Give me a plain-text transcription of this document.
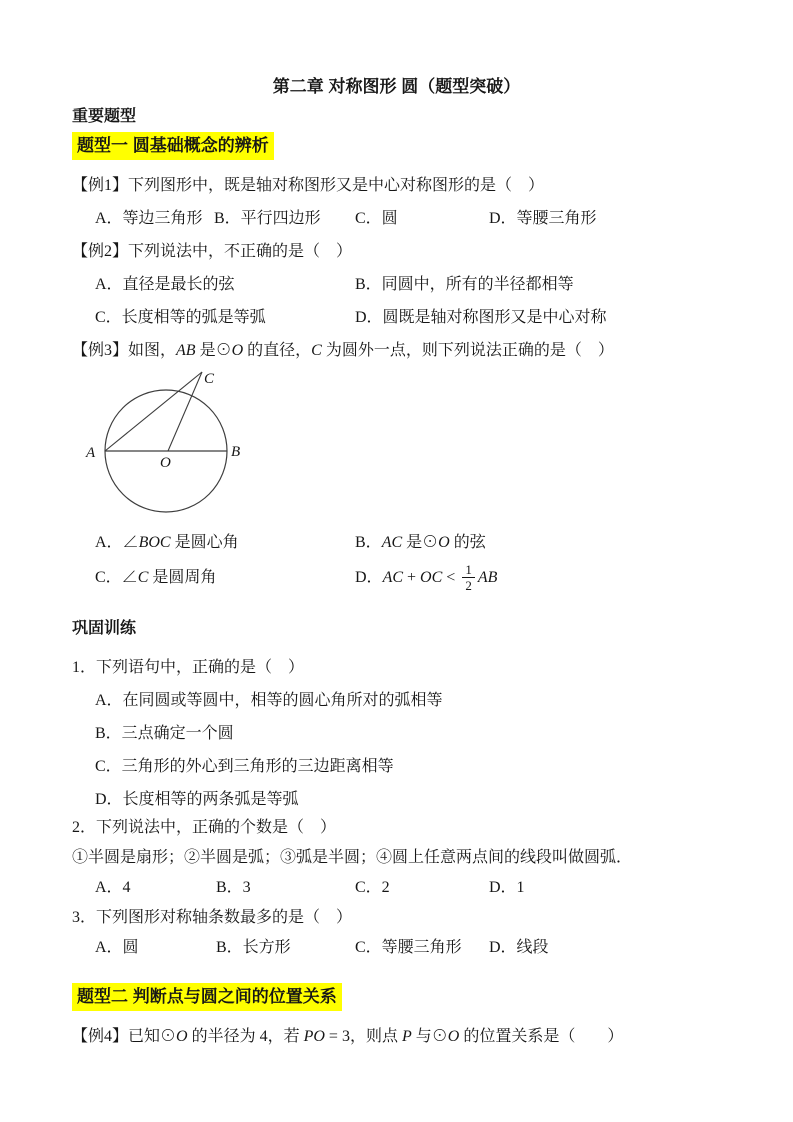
第二章 对称图形 圆（题型突破）
重要题型
题型一 圆基础概念的辨析
【例1】下列图形中，既是轴对称图形又是中心对称图形的是（　）
A．等边三角形 B．平行四边形 C．圆	D．等腰三角形
【例2】下列说法中，不正确的是（　）
A．直径是最长的弦	B．同圆中，所有的半径都相等
C．长度相等的弧是等弧	D．圆既是轴对称图形又是中心对称
【例3】如图，AB 是⊙O 的直径，C 为圆外一点，则下列说法正确的是（　）
A	B
O
C
A．∠BOC 是圆心角	B．AC 是⊙O 的弦
C．∠C 是圆周角	D．AC + OC < $\frac{1}{2}$ AB
巩固训练
1．下列语句中，正确的是（　）
A．在同圆或等圆中，相等的圆心角所对的弧相等
B．三点确定一个圆
C．三角形的外心到三角形的三边距离相等
D．长度相等的两条弧是等弧
2．下列说法中，正确的个数是（　）
①半圆是扇形；②半圆是弧；③弧是半圆；④圆上任意两点间的线段叫做圆弧．
A．4	B．3	C．2	D．1
3．下列图形对称轴条数最多的是（　）
A．圆	B．长方形	C．等腰三角形 D．线段
题型二 判断点与圆之间的位置关系
【例4】已知⊙O 的半径为 4，若 PO = 3，则点 P 与⊙O 的位置关系是（　　）
